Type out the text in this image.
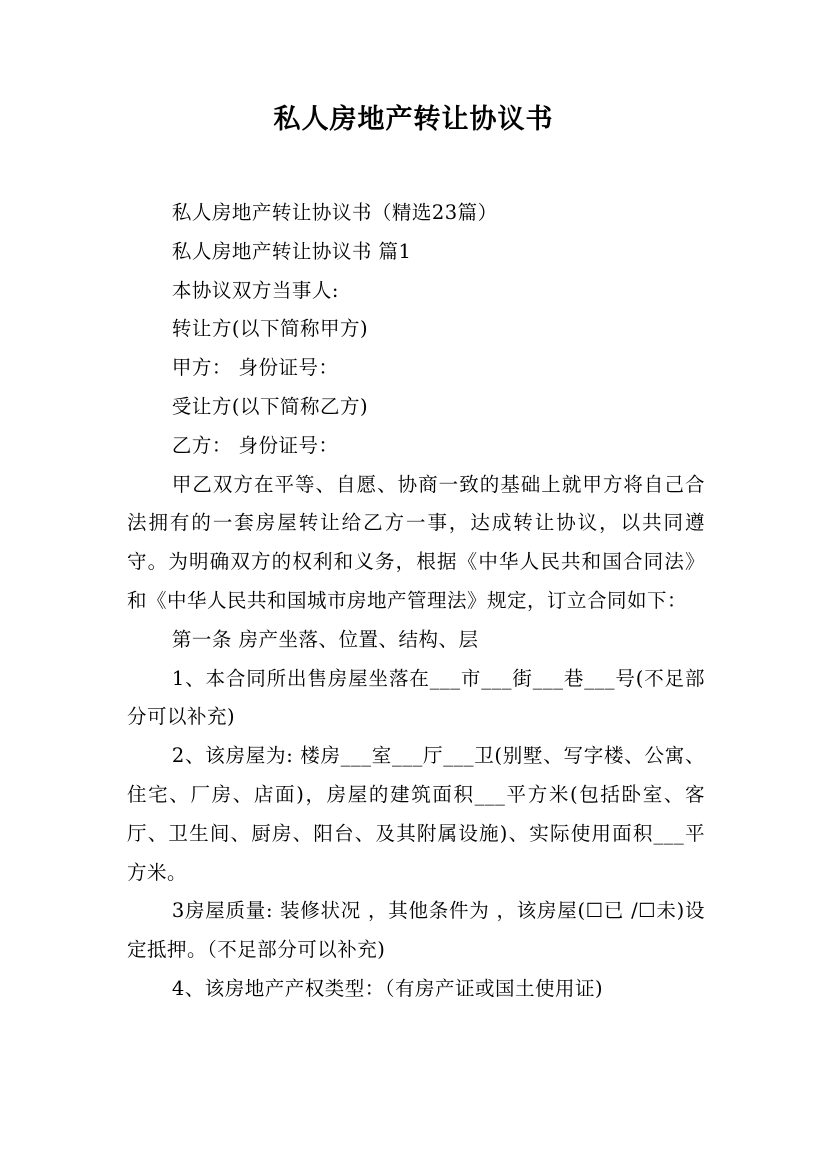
私人房地产转让协议书

私人房地产转让协议书（精选23篇）

私人房地产转让协议书 篇1

本协议双方当事人:

转让方(以下简称甲方)

甲方： 身份证号：

受让方(以下简称乙方)

乙方： 身份证号：

甲乙双方在平等、自愿、协商一致的基础上就甲方将自己合法拥有的一套房屋转让给乙方一事，达成转让协议，以共同遵守。为明确双方的权利和义务，根据《中华人民共和国合同法》和《中华人民共和国城市房地产管理法》规定，订立合同如下：

第一条 房产坐落、位置、结构、层

1、本合同所出售房屋坐落在___市___街___巷___号(不足部分可以补充)

2、该房屋为: 楼房___室___厅___卫(别墅、写字楼、公寓、住宅、厂房、店面)，房屋的建筑面积___平方米(包括卧室、客厅、卫生间、厨房、阳台、及其附属设施)、实际使用面积___平方米。

3房屋质量: 装修状况 ，其他条件为 ，该房屋(☐已 /☐未)设定抵押。（不足部分可以补充)

4、该房地产产权类型：（有房产证或国土使用证)
